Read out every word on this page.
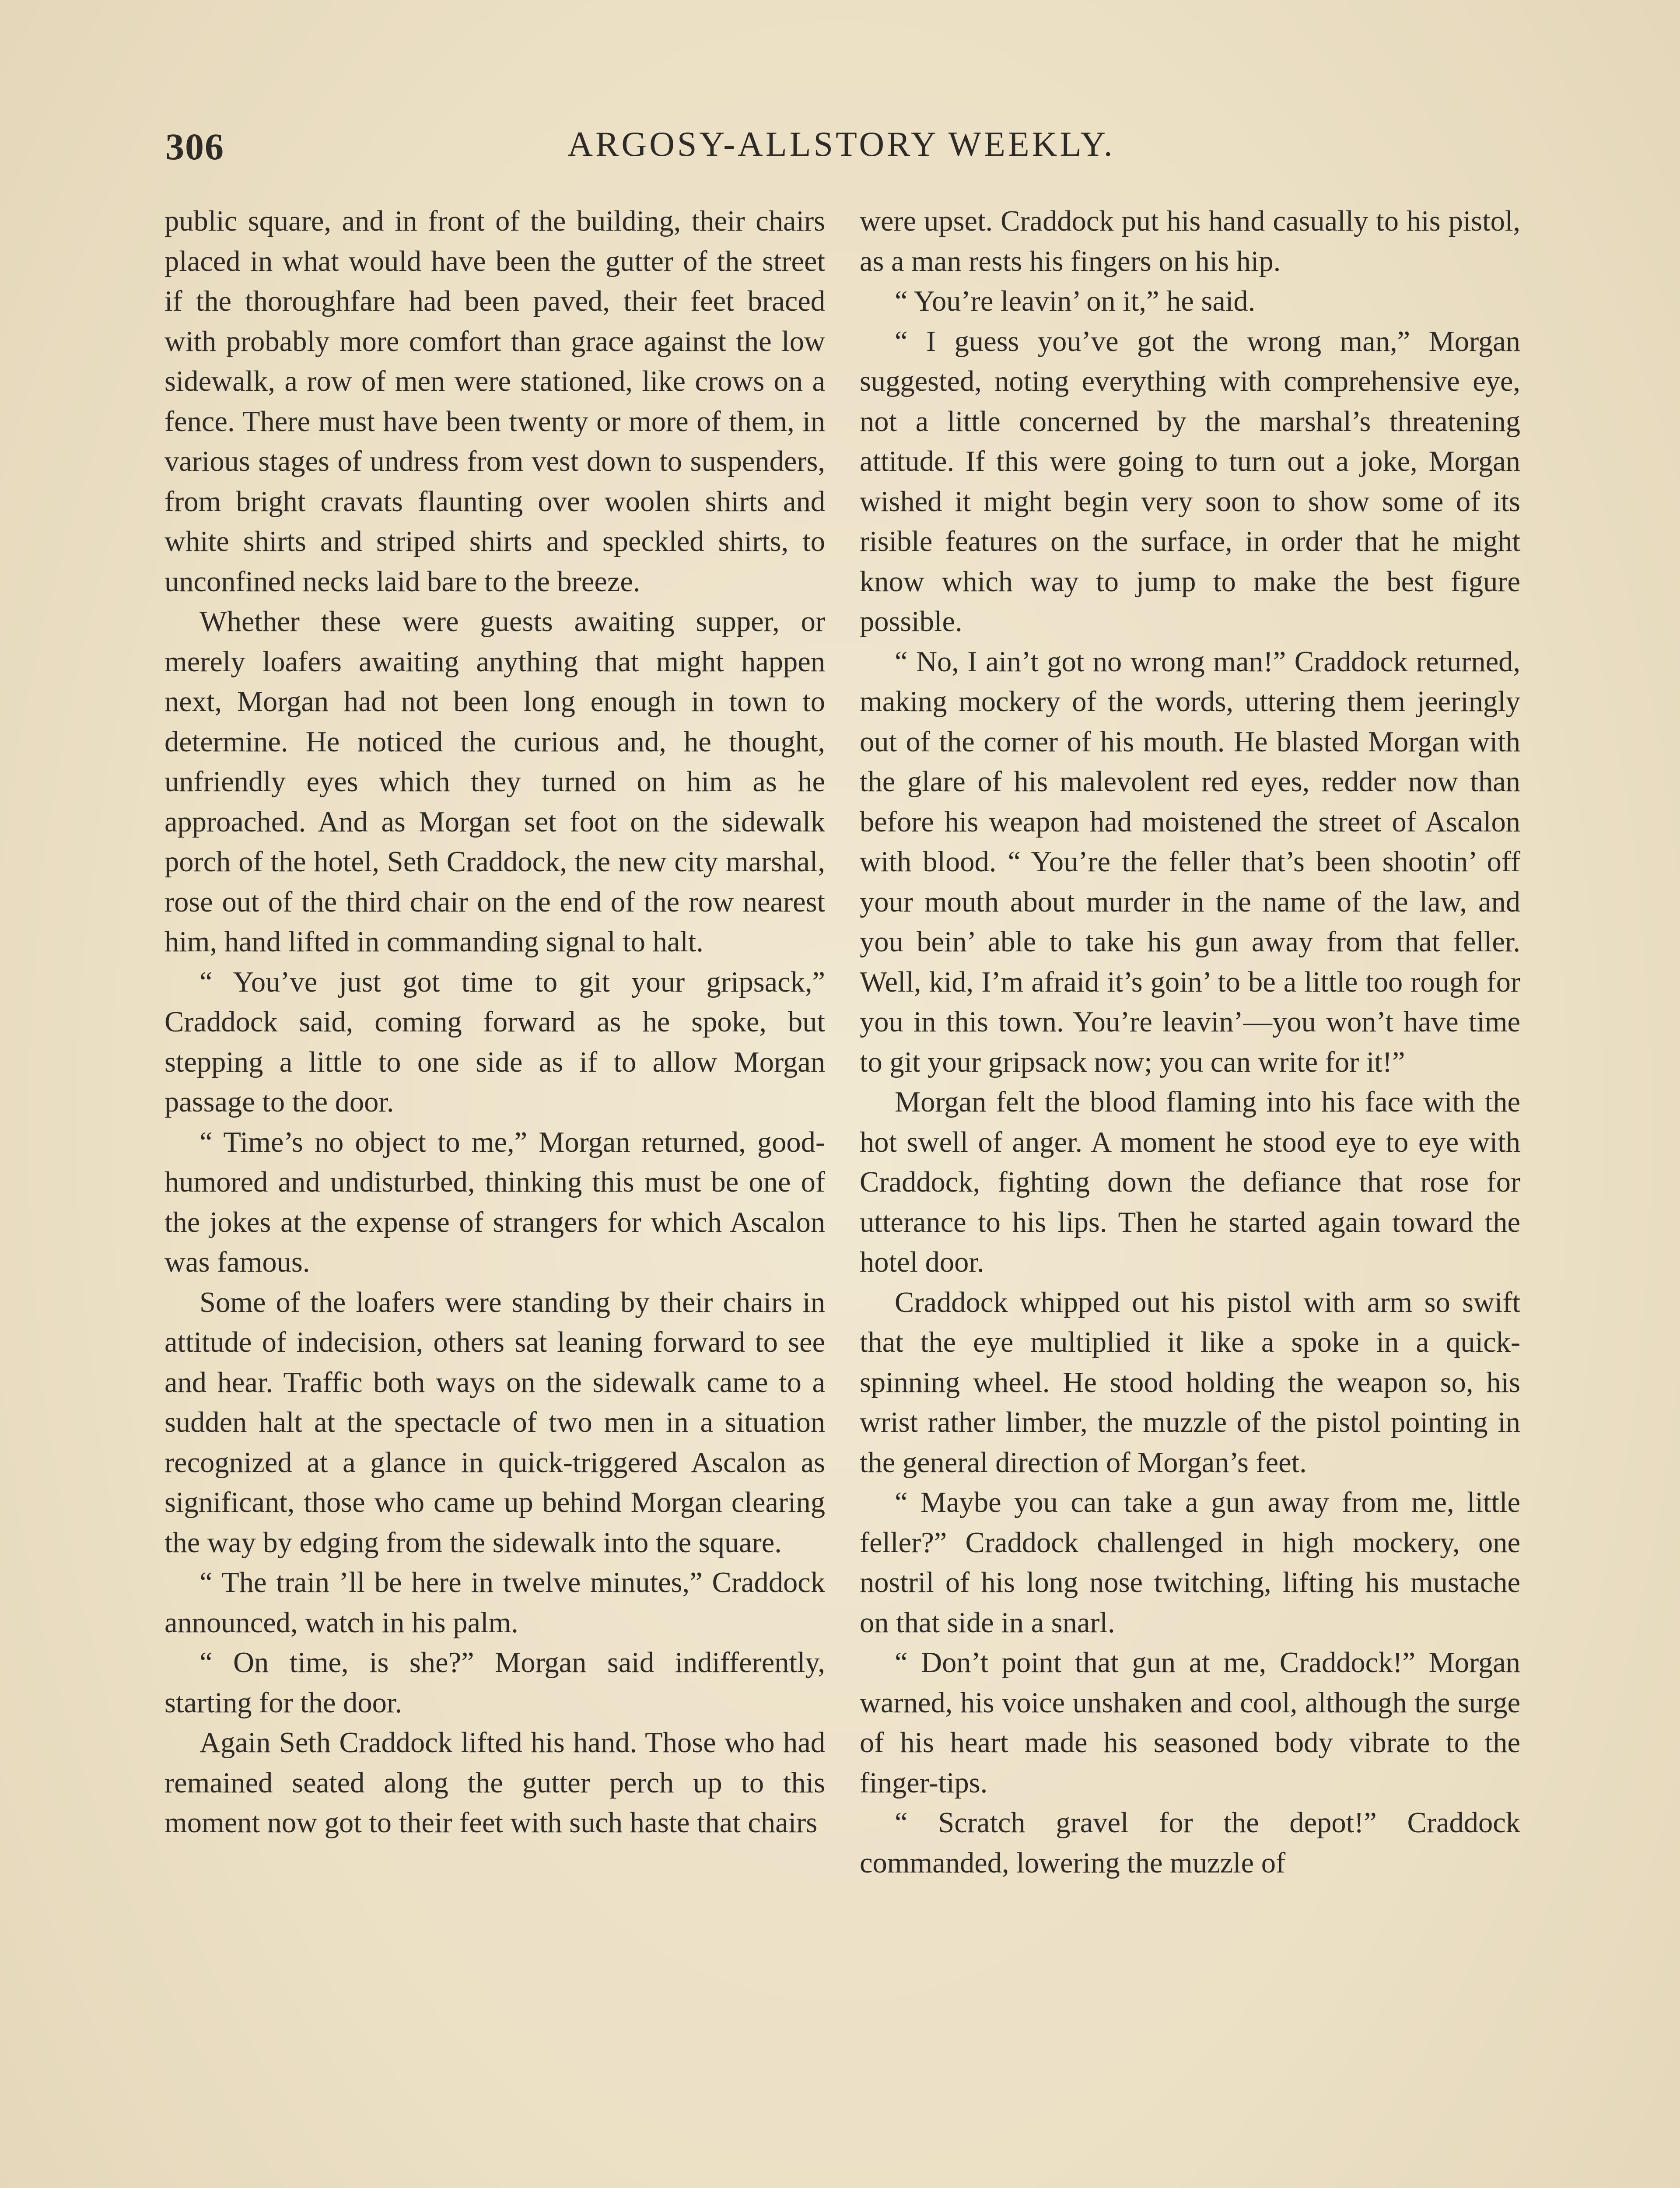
306	ARGOSY-ALLSTORY WEEKLY.

public square, and in front of the building, their chairs placed in what would have been the gutter of the street if the thoroughfare had been paved, their feet braced with probably more comfort than grace against the low sidewalk, a row of men were stationed, like crows on a fence. There must have been twenty or more of them, in various stages of undress from vest down to suspenders, from bright cravats flaunting over woolen shirts and white shirts and striped shirts and speckled shirts, to unconfined necks laid bare to the breeze.

Whether these were guests awaiting supper, or merely loafers awaiting anything that might happen next, Morgan had not been long enough in town to determine. He noticed the curious and, he thought, unfriendly eyes which they turned on him as he approached. And as Morgan set foot on the sidewalk porch of the hotel, Seth Craddock, the new city marshal, rose out of the third chair on the end of the row nearest him, hand lifted in commanding signal to halt.

“ You’ve just got time to git your gripsack,” Craddock said, coming forward as he spoke, but stepping a little to one side as if to allow Morgan passage to the door.

“ Time’s no object to me,” Morgan returned, good-humored and undisturbed, thinking this must be one of the jokes at the expense of strangers for which Ascalon was famous.

Some of the loafers were standing by their chairs in attitude of indecision, others sat leaning forward to see and hear. Traffic both ways on the sidewalk came to a sudden halt at the spectacle of two men in a situation recognized at a glance in quick-triggered Ascalon as significant, those who came up behind Morgan clearing the way by edging from the sidewalk into the square.

“ The train ’ll be here in twelve minutes,” Craddock announced, watch in his palm.

“ On time, is she?” Morgan said indifferently, starting for the door.

Again Seth Craddock lifted his hand. Those who had remained seated along the gutter perch up to this moment now got to their feet with such haste that chairs

were upset. Craddock put his hand casually to his pistol, as a man rests his fingers on his hip.

“ You’re leavin’ on it,” he said.

“ I guess you’ve got the wrong man,” Morgan suggested, noting everything with comprehensive eye, not a little concerned by the marshal’s threatening attitude. If this were going to turn out a joke, Morgan wished it might begin very soon to show some of its risible features on the surface, in order that he might know which way to jump to make the best figure possible.

“ No, I ain’t got no wrong man!” Craddock returned, making mockery of the words, uttering them jeeringly out of the corner of his mouth. He blasted Morgan with the glare of his malevolent red eyes, redder now than before his weapon had moistened the street of Ascalon with blood. “ You’re the feller that’s been shootin’ off your mouth about murder in the name of the law, and you bein’ able to take his gun away from that feller. Well, kid, I’m afraid it’s goin’ to be a little too rough for you in this town. You’re leavin’—you won’t have time to git your gripsack now; you can write for it!”

Morgan felt the blood flaming into his face with the hot swell of anger. A moment he stood eye to eye with Craddock, fighting down the defiance that rose for utterance to his lips. Then he started again toward the hotel door.

Craddock whipped out his pistol with arm so swift that the eye multiplied it like a spoke in a quick-spinning wheel. He stood holding the weapon so, his wrist rather limber, the muzzle of the pistol pointing in the general direction of Morgan’s feet.

“ Maybe you can take a gun away from me, little feller?” Craddock challenged in high mockery, one nostril of his long nose twitching, lifting his mustache on that side in a snarl.

“ Don’t point that gun at me, Craddock!” Morgan warned, his voice unshaken and cool, although the surge of his heart made his seasoned body vibrate to the finger-tips.

“ Scratch gravel for the depot!” Craddock commanded, lowering the muzzle of
